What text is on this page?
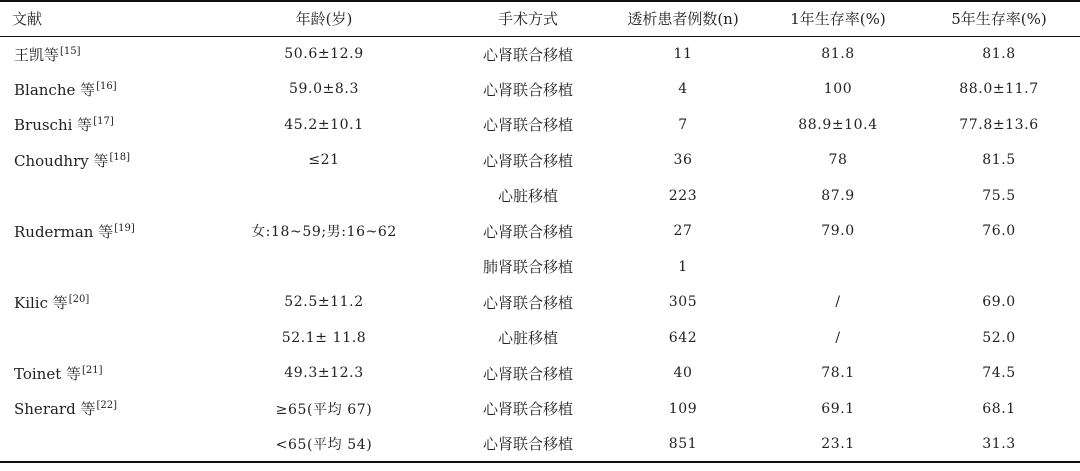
文献	年龄(岁)	手术方式	透析患者例数(n)	1年生存率(%)	5年生存率(%)
王凯等[15]	50.6±12.9	心肾联合移植	11	81.8	81.8
Blanche 等[16]	59.0±8.3	心肾联合移植	4	100	88.0±11.7
Bruschi 等[17]	45.2±10.1	心肾联合移植	7	88.9±10.4	77.8±13.6
Choudhry 等[18]	≤21	心肾联合移植	36	78	81.5
		心脏移植	223	87.9	75.5
Ruderman 等[19]	女:18~59;男:16~62	心肾联合移植	27	79.0	76.0
		肺肾联合移植	1		
Kilic 等[20]	52.5±11.2	心肾联合移植	305	/	69.0
	52.1± 11.8	心脏移植	642	/	52.0
Toinet 等[21]	49.3±12.3	心肾联合移植	40	78.1	74.5
Sherard 等[22]	≥65(平均 67)	心肾联合移植	109	69.1	68.1
	<65(平均 54)	心肾联合移植	851	23.1	31.3
